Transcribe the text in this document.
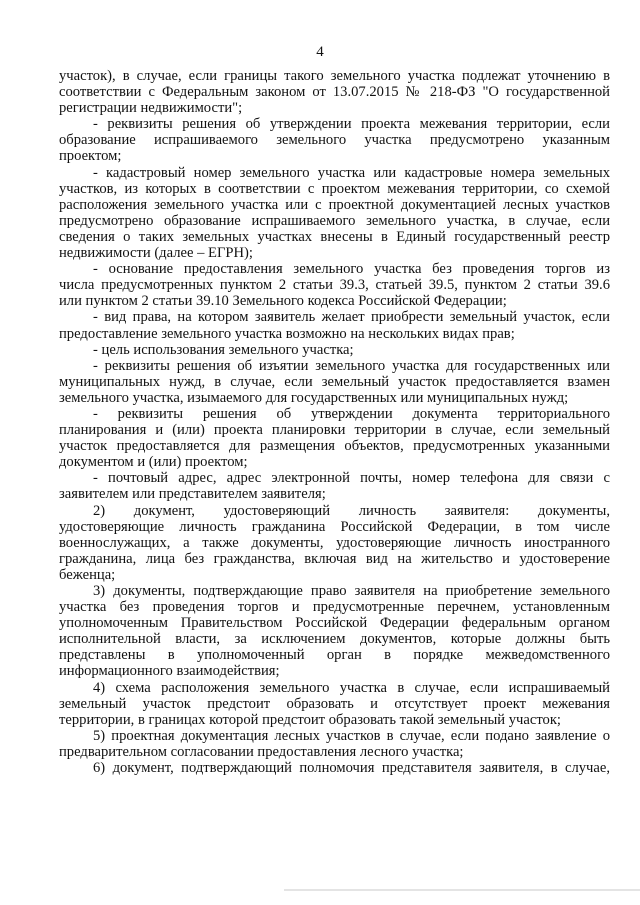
4
участок), в случае, если границы такого земельного участка подлежат уточнению в
соответствии с Федеральным законом от 13.07.2015 № 218-ФЗ "О государственной
регистрации недвижимости";
- реквизиты решения об утверждении проекта межевания территории, если
образование испрашиваемого земельного участка предусмотрено указанным
проектом;
- кадастровый номер земельного участка или кадастровые номера земельных
участков, из которых в соответствии с проектом межевания территории, со схемой
расположения земельного участка или с проектной документацией лесных участков
предусмотрено образование испрашиваемого земельного участка, в случае, если
сведения о таких земельных участках внесены в Единый государственный реестр
недвижимости (далее – ЕГРН);
- основание предоставления земельного участка без проведения торгов из
числа предусмотренных пунктом 2 статьи 39.3, статьей 39.5, пунктом 2 статьи 39.6
или пунктом 2 статьи 39.10 Земельного кодекса Российской Федерации;
- вид права, на котором заявитель желает приобрести земельный участок, если
предоставление земельного участка возможно на нескольких видах прав;
- цель использования земельного участка;
- реквизиты решения об изъятии земельного участка для государственных или
муниципальных нужд, в случае, если земельный участок предоставляется взамен
земельного участка, изымаемого для государственных или муниципальных нужд;
- реквизиты решения об утверждении документа территориального
планирования и (или) проекта планировки территории в случае, если земельный
участок предоставляется для размещения объектов, предусмотренных указанными
документом и (или) проектом;
- почтовый адрес, адрес электронной почты, номер телефона для связи с
заявителем или представителем заявителя;
2) документ, удостоверяющий личность заявителя: документы,
удостоверяющие личность гражданина Российской Федерации, в том числе
военнослужащих, а также документы, удостоверяющие личность иностранного
гражданина, лица без гражданства, включая вид на жительство и удостоверение
беженца;
3) документы, подтверждающие право заявителя на приобретение земельного
участка без проведения торгов и предусмотренные перечнем, установленным
уполномоченным Правительством Российской Федерации федеральным органом
исполнительной власти, за исключением документов, которые должны быть
представлены в уполномоченный орган в порядке межведомственного
информационного взаимодействия;
4) схема расположения земельного участка в случае, если испрашиваемый
земельный участок предстоит образовать и отсутствует проект межевания
территории, в границах которой предстоит образовать такой земельный участок;
5) проектная документация лесных участков в случае, если подано заявление о
предварительном согласовании предоставления лесного участка;
6) документ, подтверждающий полномочия представителя заявителя, в случае,
